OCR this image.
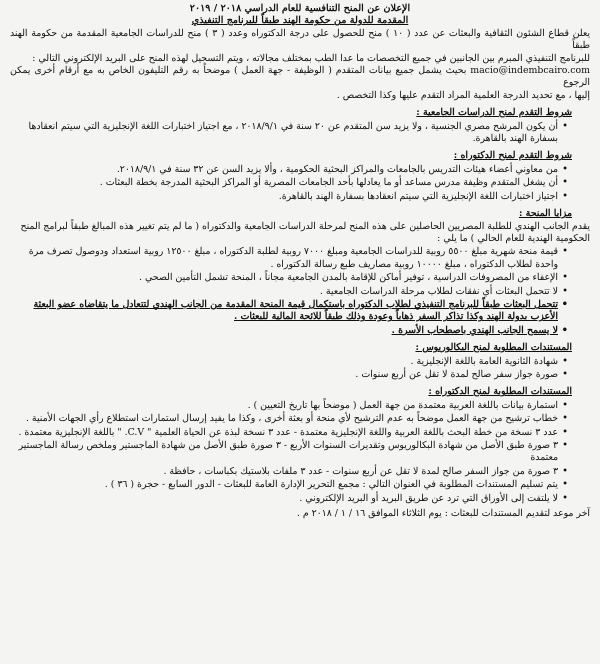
الإعلان عن المنح التنافسية للعام الدراسي ٢٠١٨ / ٢٠١٩

المقدمة للدولة من حكومة الهند طبقاً للبرنامج التنفيذي

يعلن قطاع الشئون الثقافية والبعثات عن عدد ( ١٠ ) منح للحصول على درجة الدكتوراه وعدد ( ٣ ) منح للدراسات الجامعية المقدمة من حكومة الهند طبقاً

للبرنامج التنفيذي المبرم بين الجانبين في جميع التخصصات ما عدا الطب بمختلف مجالاته ، ويتم التسجيل لهذه المنح على البريد الإلكتروني التالي :

macio@indembcairo.com بحيث يشمل جميع بيانات المتقدم ( الوظيفة - جهة العمل ) موضحاً به رقم التليفون الخاص به مع أرقام أخرى يمكن الرجوع

إليها ، مع تحديد الدرجة العلمية المراد التقدم عليها وكذا التخصص .

شروط التقدم لمنح الدراسات الجامعية :

• أن يكون المرشح مصري الجنسية ، ولا يزيد سن المتقدم عن ٢٠ سنة في ٢٠١٨/٩/١ ، مع اجتياز اختبارات اللغة الإنجليزية التي سيتم انعقادها بسفارة الهند بالقاهرة.

شروط التقدم لمنح الدكتوراه :

• من معاوني أعضاء هيئات التدريس بالجامعات والمراكز البحثية الحكومية ، وألا يزيد السن عن ٣٢ سنة في ٢٠١٨/٩/١.
• أن يشغل المتقدم وظيفة مدرس مساعد أو ما يعادلها بأحد الجامعات المصرية أو المراكز البحثية المدرجة بخطة البعثات .
• اجتياز اختبارات اللغة الإنجليزية التي سيتم انعقادها بسفارة الهند بالقاهرة.

مزايا المنحة :

يقدم الجانب الهندي للطلبة المصريين الحاصلين على هذه المنح لمرحلة الدراسات الجامعية والدكتوراه ( ما لم يتم تغيير هذه المبالغ طبقاً لبرامج المنح

الحكومية الهندية للعام الحالي ) ما يلي :

• قيمة منحة شهرية مبلغ ٥٥٠٠ روبية للدراسات الجامعية ومبلغ ٧٠٠٠ روبية لطلبة الدكتوراه ، مبلغ ١٢٥٠٠ روبية استعداد ودوصول تصرف مرة واحدة لطلاب الدكتوراه ، مبلغ ١٠٠٠٠ روبية مصاريف طبع رسالة الدكتوراه .
• الإعفاء من المصروفات الدراسية ، توفير أماكن للإقامة بالمدن الجامعية مجاناً ، المنحة تشمل التأمين الصحي .
• لا تتحمل البعثات أي نفقات لطلاب مرحلة الدراسات الجامعية .
• تتحمل البعثات طبقاً للبرنامج التنفيذي لطلاب الدكتوراه باستكمال قيمة المنحة المقدمة من الجانب الهندي لتتعادل ما يتقاضاه عضو البعثة الأعزب بدولة الهند وكذا تذاكر السفر ذهاباً وعودة وذلك طبقاً للائحة المالية للبعثات .
• لا يسمح الجانب الهندي باصطحاب الأسرة .

المستندات المطلوبة لمنح البكالوريوس :

• شهادة الثانوية العامة باللغة الإنجليزية .
• صورة جواز سفر صالح لمدة لا تقل عن أربع سنوات .

المستندات المطلوبة لمنح الدكتوراه :

• استمارة بيانات باللغة العربية معتمدة من جهة العمل ( موضحاً بها تاريخ التعيين ) .
• خطاب ترشيح من جهة العمل موضحاً به عدم الترشيح لأي منحة أو بعثة أخرى ، وكذا ما يفيد إرسال استمارات استطلاع رأي الجهات الأمنية .
• عدد ٣ نسخة من خطة البحث باللغة العربية واللغة الإنجليزية معتمدة - عدد ٣ نسخة لبذة عن الحياة العلمية " C.V. " باللغة الإنجليزية معتمدة .
• ٣ صورة طبق الأصل من شهادة البكالوريوس وتقديرات السنوات الأربع - ٣ صورة طبق الأصل من شهادة الماجستير وملخص رسالة الماجستير معتمدة
• ٣ صورة من جواز السفر صالح لمدة لا تقل عن أربع سنوات - عدد ٣ ملفات بلاستيك بكباسات ، حافظة .
• يتم تسليم المستندات المطلوبة في العنوان التالي : مجمع التحرير الإدارة العامة للبعثات - الدور السابع - حجرة ( ٣٦ ) .
• لا يلتفت إلى الأوراق التي ترد عن طريق البريد أو البريد الإلكتروني .

آخر موعد لتقديم المستندات للبعثات : يوم الثلاثاء الموافق ١٦ / ١ / ٢٠١٨ م .
